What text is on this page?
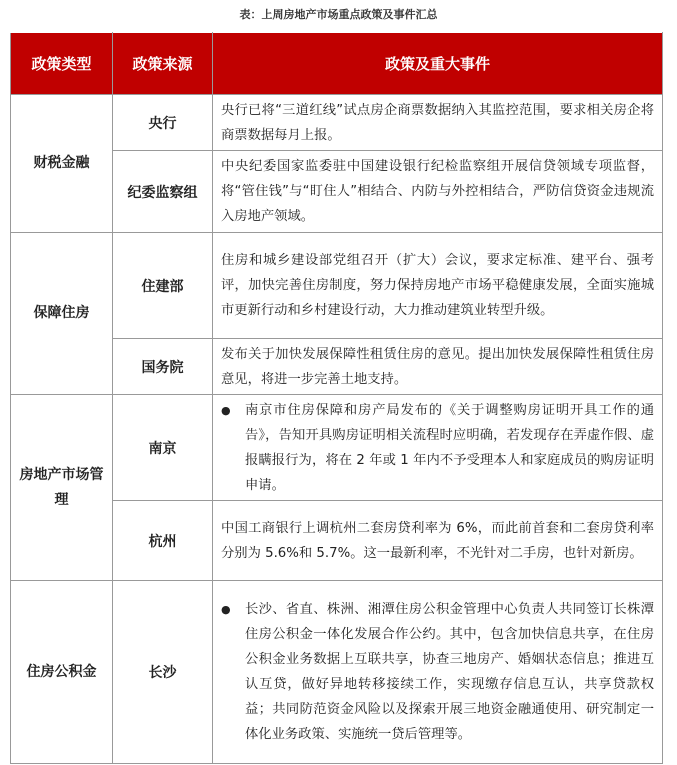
表：上周房地产市场重点政策及事件汇总
政策类型	政策来源	政策及重大事件
财税金融	央行	央行已将“三道红线”试点房企商票数据纳入其监控范围，要求相关房企将商票数据每月上报。
	纪委监察组	中央纪委国家监委驻中国建设银行纪检监察组开展信贷领域专项监督，将“管住钱”与“盯住人”相结合、内防与外控相结合，严防信贷资金违规流入房地产领域。
保障住房	住建部	住房和城乡建设部党组召开（扩大）会议，要求定标准、建平台、强考评，加快完善住房制度，努力保持房地产市场平稳健康发展，全面实施城市更新行动和乡村建设行动，大力推动建筑业转型升级。
	国务院	发布关于加快发展保障性租赁住房的意见。提出加快发展保障性租赁住房意见，将进一步完善土地支持。
房地产市场管理	南京	● 南京市住房保障和房产局发布的《关于调整购房证明开具工作的通告》，告知开具购房证明相关流程时应明确，若发现存在弄虚作假、虚报瞒报行为，将在 2 年或 1 年内不予受理本人和家庭成员的购房证明申请。

	杭州	中国工商银行上调杭州二套房贷利率为 6%，而此前首套和二套房贷利率分别为 5.6%和 5.7%。这一最新利率，不光针对二手房，也针对新房。
住房公积金	长沙	● 长沙、省直、株洲、湘潭住房公积金管理中心负责人共同签订长株潭住房公积金一体化发展合作公约。其中，包含加快信息共享，在住房公积金业务数据上互联共享，协查三地房产、婚姻状态信息；推进互认互贷，做好异地转移接续工作，实现缴存信息互认，共享贷款权益；共同防范资金风险以及探索开展三地资金融通使用、研究制定一体化业务政策、实施统一贷后管理等。
